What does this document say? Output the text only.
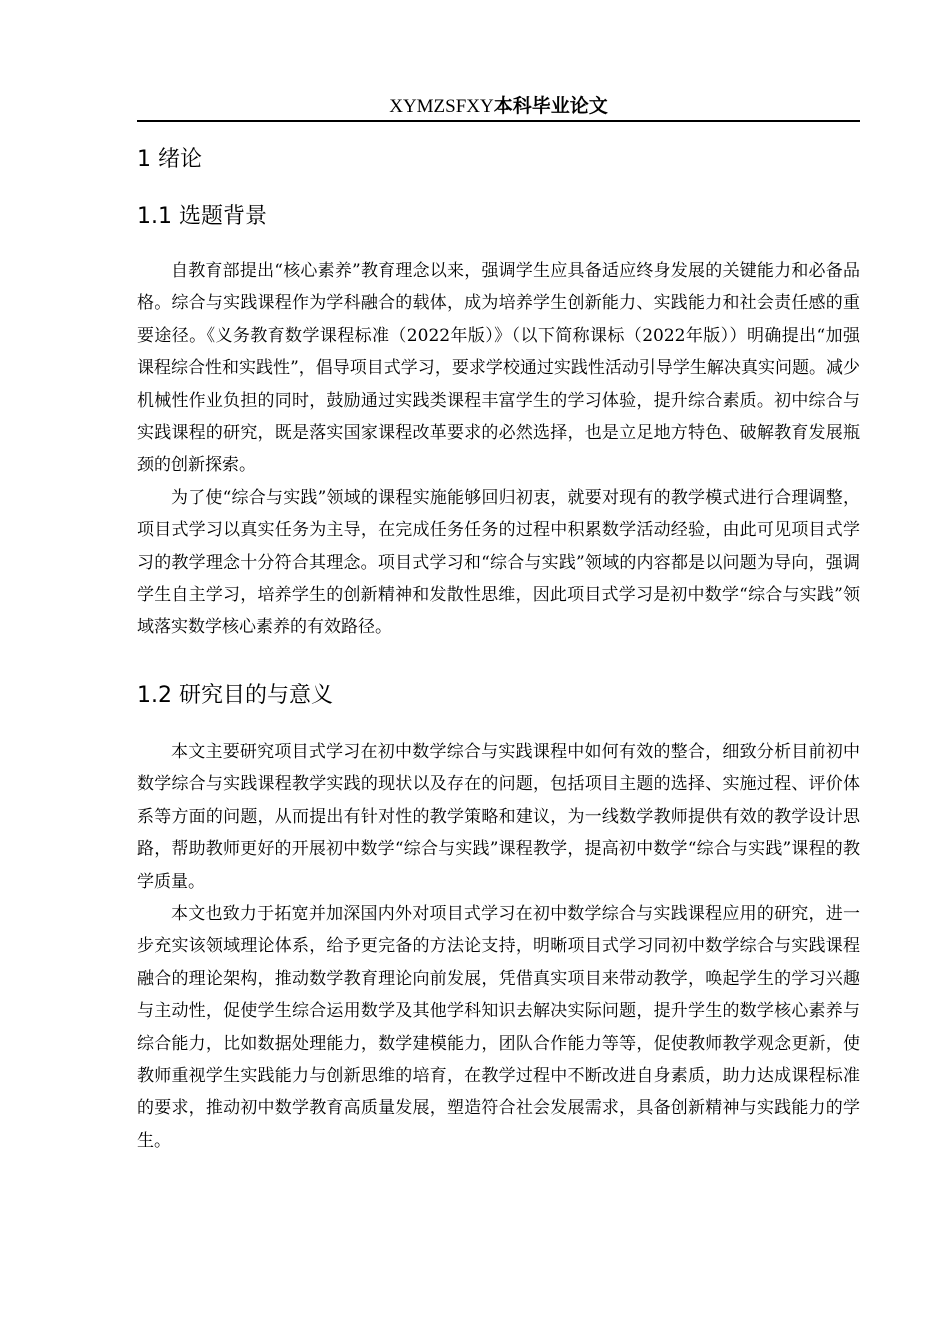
XYMZSFXY本科毕业论文
1 绪论
1.1 选题背景

自教育部提出“核心素养”教育理念以来，强调学生应具备适应终身发展的关键能力和必备品格。综合与实践课程作为学科融合的载体，成为培养学生创新能力、实践能力和社会责任感的重要途径。《义务教育数学课程标准（2022年版）》（以下简称课标（2022年版））明确提出“加强课程综合性和实践性”，倡导项目式学习，要求学校通过实践性活动引导学生解决真实问题。减少机械性作业负担的同时，鼓励通过实践类课程丰富学生的学习体验，提升综合素质。初中综合与实践课程的研究，既是落实国家课程改革要求的必然选择，也是立足地方特色、破解教育发展瓶颈的创新探索。

为了使“综合与实践”领域的课程实施能够回归初衷，就要对现有的教学模式进行合理调整，项目式学习以真实任务为主导，在完成任务任务的过程中积累数学活动经验，由此可见项目式学习的教学理念十分符合其理念。项目式学习和“综合与实践”领域的内容都是以问题为导向，强调学生自主学习，培养学生的创新精神和发散性思维，因此项目式学习是初中数学“综合与实践”领域落实数学核心素养的有效路径。

1.2 研究目的与意义

本文主要研究项目式学习在初中数学综合与实践课程中如何有效的整合，细致分析目前初中数学综合与实践课程教学实践的现状以及存在的问题，包括项目主题的选择、实施过程、评价体系等方面的问题，从而提出有针对性的教学策略和建议，为一线数学教师提供有效的教学设计思路，帮助教师更好的开展初中数学“综合与实践”课程教学，提高初中数学“综合与实践”课程的教学质量。

本文也致力于拓宽并加深国内外对项目式学习在初中数学综合与实践课程应用的研究，进一步充实该领域理论体系，给予更完备的方法论支持，明晰项目式学习同初中数学综合与实践课程融合的理论架构，推动数学教育理论向前发展，凭借真实项目来带动教学，唤起学生的学习兴趣与主动性，促使学生综合运用数学及其他学科知识去解决实际问题，提升学生的数学核心素养与综合能力，比如数据处理能力，数学建模能力，团队合作能力等等，促使教师教学观念更新，使教师重视学生实践能力与创新思维的培育，在教学过程中不断改进自身素质，助力达成课程标准的要求，推动初中数学教育高质量发展，塑造符合社会发展需求，具备创新精神与实践能力的学生。
